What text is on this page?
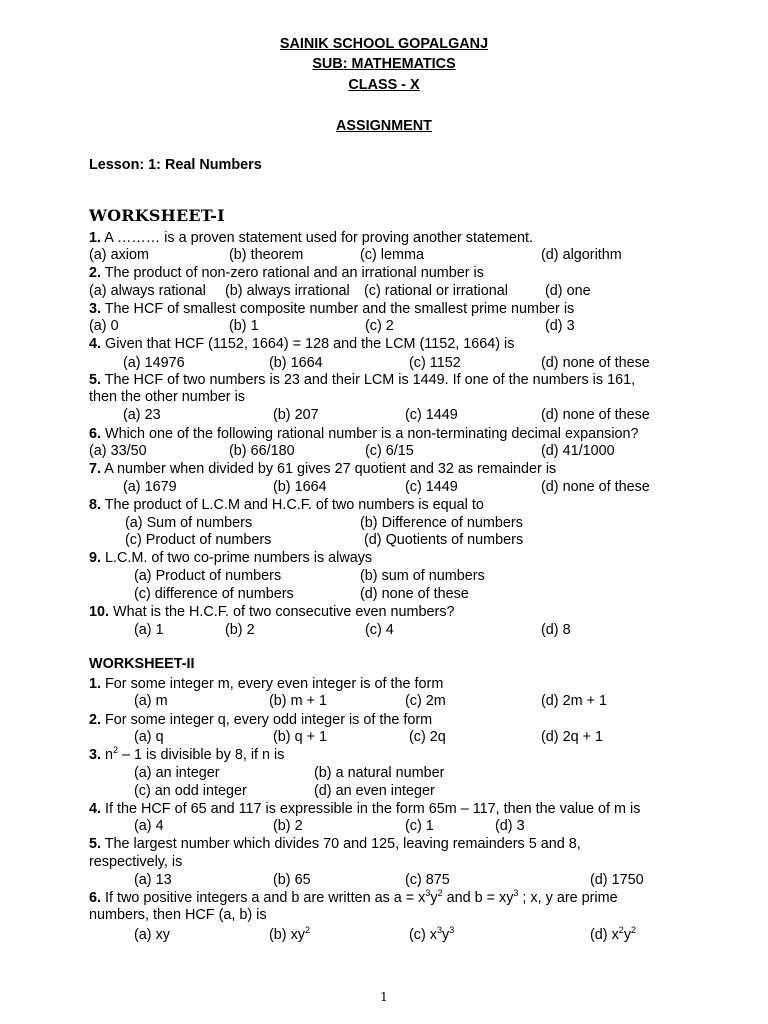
SAINIK SCHOOL GOPALGANJ
SUB: MATHEMATICS
CLASS - X
ASSIGNMENT
Lesson: 1: Real Numbers
WORKSHEET-I
1. A ……… is a proven statement used for proving another statement.
(a) axiom	(b) theorem	(c) lemma	(d) algorithm
2. The product of non-zero rational and an irrational number is
(a) always rational (b) always irrational (c) rational or irrational	(d) one
3. The HCF of smallest composite number and the smallest prime number is
(a) 0	(b) 1	(c) 2	(d) 3
4. Given that HCF (1152, 1664) = 128 and the LCM (1152, 1664) is
(a) 14976	(b) 1664	(c) 1152	(d) none of these
5. The HCF of two numbers is 23 and their LCM is 1449. If one of the numbers is 161,
then the other number is
(a) 23	(b) 207	(c) 1449	(d) none of these
6. Which one of the following rational number is a non-terminating decimal expansion?
(a) 33/50	(b) 66/180	(c) 6/15	(d) 41/1000
7. A number when divided by 61 gives 27 quotient and 32 as remainder is
(a) 1679	(b) 1664	(c) 1449	(d) none of these
8. The product of L.C.M and H.C.F. of two numbers is equal to
(a) Sum of numbers	(b) Difference of numbers
(c) Product of numbers	(d) Quotients of numbers
9. L.C.M. of two co-prime numbers is always
(a) Product of numbers	(b) sum of numbers
(c) difference of numbers	(d) none of these
10. What is the H.C.F. of two consecutive even numbers?
(a) 1	(b) 2	(c) 4	(d) 8
WORKSHEET-II
1. For some integer m, every even integer is of the form
(a) m	(b) m + 1	(c) 2m	(d) 2m + 1
2. For some integer q, every odd integer is of the form
(a) q	(b) q + 1	(c) 2q	(d) 2q + 1
3. $n^2 - 1$ is divisible by 8, if n is
(a) an integer	(b) a natural number
(c) an odd integer	(d) an even integer
4. If the HCF of 65 and 117 is expressible in the form 65m – 117, then the value of m is
(a) 4	(b) 2	(c) 1	(d) 3
5. The largest number which divides 70 and 125, leaving remainders 5 and 8,
respectively, is
(a) 13	(b) 65	(c) 875	(d) 1750
6. If two positive integers a and b are written as $a = x^3y^2$ and $b = xy^3$ ; x, y are prime
numbers, then HCF (a, b) is
(a) xy	(b) $xy^2$	(c) $x^3y^3$	(d) $x^2y^2$
1
